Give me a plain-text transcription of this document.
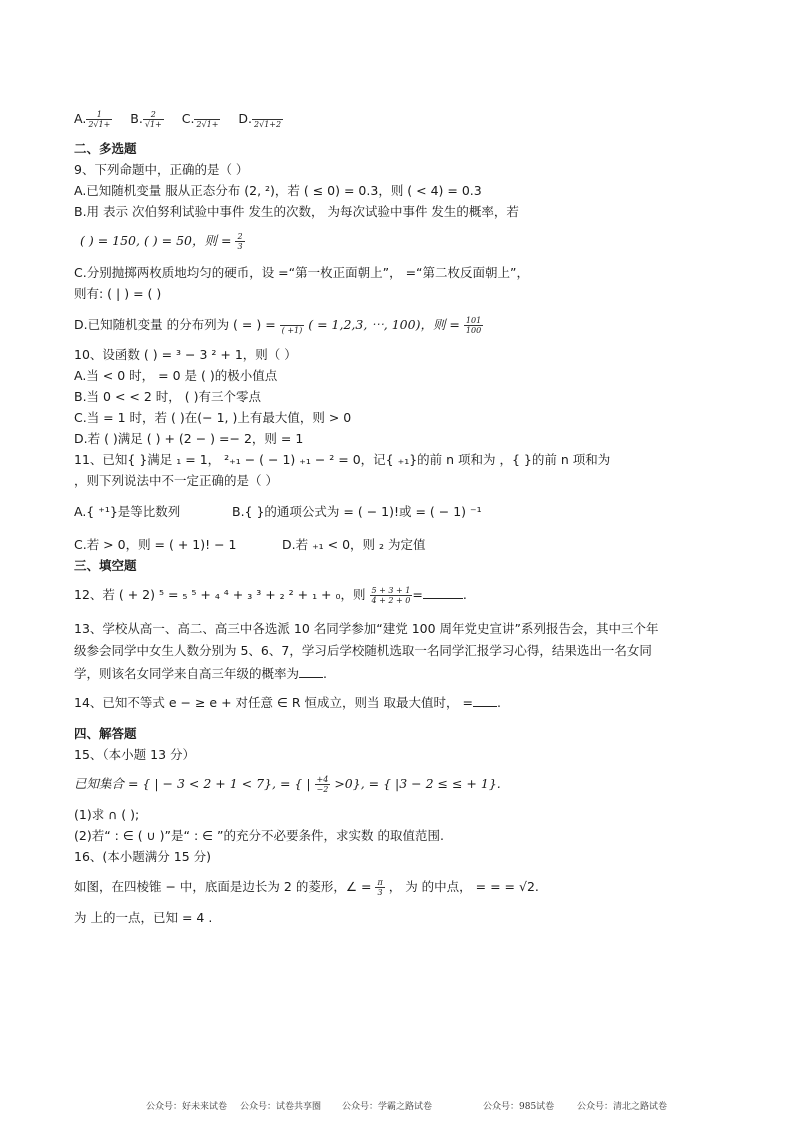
A. $\frac{1}{2√1+} B$. $\frac{2}{√1+} C$.
2√1+ D.
2√1+2
二、多选题
9、下列命题中，正确的是（ ）
A.已知随机变量 服从正态分布 (2, ²)，若 ( ≤ 0) = 0.3，则 ( < 4) = 0.3
B.用 表示 次伯努利试验中事件 发生的次数， 为每次试验中事件 发生的概率，若
( ) = 150, ( ) = 50，则 = $\frac{2}{3}$
C.分别抛掷两枚质地均匀的硬币，设 =“第一枚正面朝上”， =“第二枚反面朝上”，
则有: ( | ) = ( )
D.已知随机变量 的分布列为 ( = ) =
( +1) ( = 1,2,3, ⋯, 100)，则 = $\frac{101}{100}$
10、设函数 ( ) = ³ − 3 ² + 1，则（ ）
A.当 < 0 时， = 0 是 ( )的极小值点
B.当 0 < < 2 时， ( )有三个零点
C.当 = 1 时，若 ( )在(− 1, )上有最大值，则 > 0
D.若 ( )满足 ( ) + (2 − ) =− 2，则 = 1
11、已知{ }满足 ₁ = 1， ²₊₁ − ( − 1) ₊₁ − ² = 0，记{ ₊₁}的前 n 项和为 ，{ }的前 n 项和为
，则下列说法中不一定正确的是（ ）
A.{ ⁺¹}是等比数列	B.{ }的通项公式为 = ( − 1)!或 = ( − 1) ⁻¹
C.若 > 0，则 = ( + 1)! − 1	D.若 ₊₁ < 0，则 ₂ 为定值
三、填空题
12、若 ( + 2) ⁵ = ₅ ⁵ + ₄ ⁴ + ₃ ³ + ₂ ² + ₁ + ₀，则 $\frac{5 + 3 + 1}{4 + 2 + 0}$ =	.
13、学校从高一、高二、高三中各选派 10 名同学参加“建党 100 周年党史宣讲”系列报告会，其中三个年
级参会同学中女生人数分别为 5、6、7，学习后学校随机选取一名同学汇报学习心得，结果选出一名女同
学，则该名女同学来自高三年级的概率为 .
14、已知不等式 e − ≥ e + 对任意 ∈ R 恒成立，则当 取最大值时， = .
四、解答题
15、（本小题 13 分）
已知集合 = { | − 3 < 2 + 1 < 7}, = { | $\frac{+4}{-2} >0$}, = { |3 − 2 ≤ ≤ + 1}.
(1)求 ∩ ( );
(2)若“ : ∈ ( ∪ )”是“ : ∈ ”的充分不必要条件，求实数 的取值范围.
16、(本小题满分 15 分)
如图，在四棱锥 − 中，底面是边长为 2 的菱形，∠ = $\frac{\pi}{3}$ ， 为 的中点， = = = √2.
为 上的一点，已知 = 4 .
公众号：好未来试卷 公众号：试卷共享圈 公众号：学霸之路试卷	公众号：985试卷	公众号：清北之路试卷
